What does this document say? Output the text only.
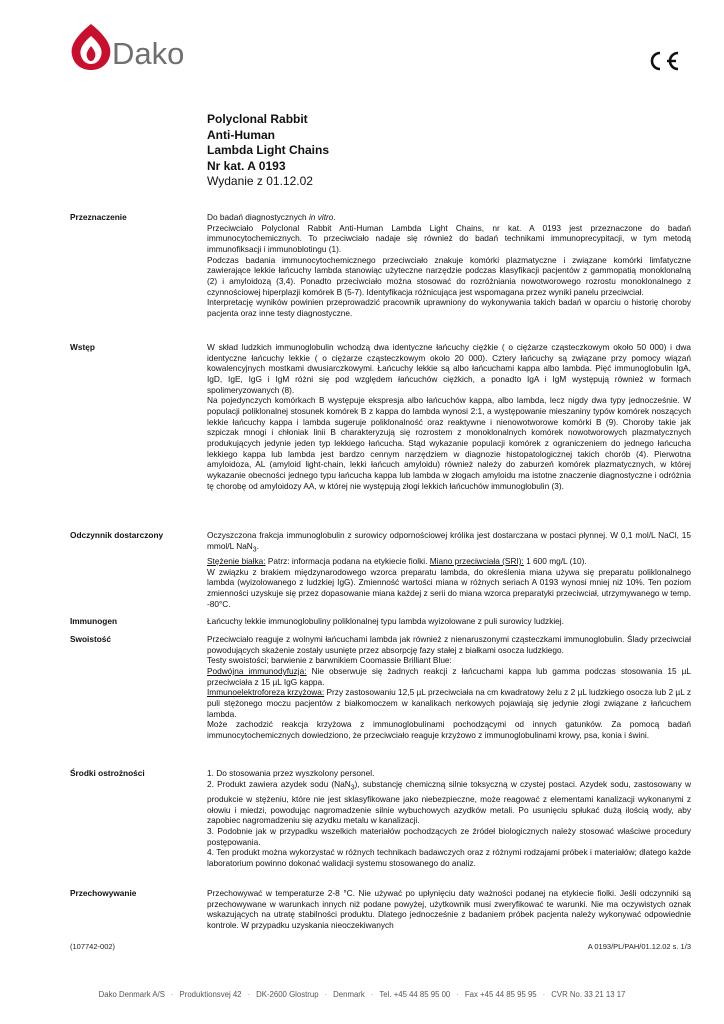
Dako
Polyclonal Rabbit
Anti-Human
Lambda Light Chains
Nr kat. A 0193
Wydanie z 01.12.02
Przeznaczenie	Do badań diagnostycznych in vitro.

Przeciwciało Polyclonal Rabbit Anti-Human Lambda Light Chains, nr kat. A 0193 jest przeznaczone do badań immunocytochemicznych. To przeciwciało nadaje się również do badań technikami immunoprecypitacji, w tym metodą immunofiksacji i immunoblotingu (1).

Podczas badania immunocytochemicznego przeciwciało znakuje komórki plazmatyczne i związane komórki limfatyczne zawierające lekkie łańcuchy lambda stanowiąc użyteczne narzędzie podczas klasyfikacji pacjentów z gammopatią monoklonalną (2) i amyloidozą (3,4). Ponadto przeciwciało można stosować do rozróżniania nowotworowego rozrostu monoklonalnego z czynnościowej hiperplazji komórek B (5-7). Identyfikacja różnicująca jest wspomagana przez wyniki panelu przeciwciał.

Interpretację wyników powinien przeprowadzić pracownik uprawniony do wykonywania takich badań w oparciu o historię choroby pacjenta oraz inne testy diagnostyczne.

Wstęp	W skład ludzkich immunoglobulin wchodzą dwa identyczne łańcuchy ciężkie ( o ciężarze cząsteczkowym około 50 000) i dwa identyczne łańcuchy lekkie ( o ciężarze cząsteczkowym około 20 000). Cztery łańcuchy są związane przy pomocy wiązań kowalencyjnych mostkami dwusiarczkowymi. Łańcuchy lekkie są albo łańcuchami kappa albo lambda. Pięć immunoglobulin IgA, IgD, IgE, IgG i IgM różni się pod względem łańcuchów ciężkich, a ponadto IgA i IgM występują również w formach spolimeryzowanych (8).

Na pojedynczych komórkach B występuje ekspresja albo łańcuchów kappa, albo lambda, lecz nigdy dwa typy jednocześnie. W populacji poliklonalnej stosunek komórek B z kappa do lambda wynosi 2:1, a występowanie mieszaniny typów komórek noszących lekkie łańcuchy kappa i lambda sugeruje poliklonalność oraz reaktywne i nienowotworowe komórki B (9). Choroby takie jak szpiczak mnogi i chłoniak linii B charakteryzują się rozrostem z monoklonalnych komórek nowotworowych plazmatycznych produkujących jedynie jeden typ lekkiego łańcucha. Stąd wykazanie populacji komórek z ograniczeniem do jednego łańcucha lekkiego kappa lub lambda jest bardzo cennym narzędziem w diagnozie histopatologicznej takich chorób (4). Pierwotna amyloidoza, AL (amyloid light-chain, lekki łańcuch amyloidu) również należy do zaburzeń komórek plazmatycznych, w której wykazanie obecności jednego typu łańcucha kappa lub lambda w złogach amyloidu ma istotne znaczenie diagnostyczne i odróżnia tę chorobę od amyloidozy AA, w której nie występują złogi lekkich łańcuchów immunoglobulin (3).

Odczynnik dostarczony	Oczyszczona frakcja immunoglobulin z surowicy odpornościowej królika jest dostarczana w postaci płynnej. W 0,1 mol/L NaCl, 15 mmol/L NaN$_3$.

Stężenie białka: Patrz: informacja podana na etykiecie fiolki. Miano przeciwciała (SRI): 1 600 mg/L (10).

W związku z brakiem międzynarodowego wzorca preparatu lambda, do określenia miana używa się preparatu poliklonalnego lambda (wyizolowanego z ludzkiej IgG). Zmienność wartości miana w różnych seriach A 0193 wynosi mniej niż 10%. Ten poziom zmienności uzyskuje się przez dopasowanie miana każdej z serii do miana wzorca preparatyki przeciwciał, utrzymywanego w temp. -80°C.

Immunogen	Łańcuchy lekkie immunoglobuliny poliklonalnej typu lambda wyizolowane z puli surowicy ludzkiej.

Swoistość	Przeciwciało reaguje z wolnymi łańcuchami lambda jak również z nienaruszonymi cząsteczkami immunoglobulin. Ślady przeciwciał powodujących skażenie zostały usunięte przez absorpcję fazy stałej z białkami osocza ludzkiego.

Testy swoistości; barwienie z barwnikiem Coomassie Brilliant Blue:

Podwójna immunodyfuzja: Nie obserwuje się żadnych reakcji z łańcuchami kappa lub gamma podczas stosowania 15 µL przeciwciała z 15 µL IgG kappa.

Immunoelektroforeza krzyżowa: Przy zastosowaniu 12,5 µL przeciwciała na cm kwadratowy żelu z 2 µL ludzkiego osocza lub 2 µL z puli stężonego moczu pacjentów z białkomoczem w kanalikach nerkowych pojawiają się jedynie złogi związane z łańcuchem lambda.

Może zachodzić reakcja krzyżowa z immunoglobulinami pochodzącymi od innych gatunków. Za pomocą badań immunocytochemicznych dowiedziono, że przeciwciało reaguje krzyżowo z immunoglobulinami krowy, psa, konia i świni.

Środki ostrożności	1. Do stosowania przez wyszkolony personel.

2. Produkt zawiera azydek sodu (NaN$_3$), substancję chemiczną silnie toksyczną w czystej postaci. Azydek sodu, zastosowany w produkcie w stężeniu, które nie jest sklasyfikowane jako niebezpieczne, może reagować z elementami kanalizacji wykonanymi z ołowiu i miedzi, powodując nagromadzenie silnie wybuchowych azydków metali. Po usunięciu spłukać dużą ilością wody, aby zapobiec nagromadzeniu się azydku metalu w kanalizacji.

3. Podobnie jak w przypadku wszelkich materiałów pochodzących ze źródeł biologicznych należy stosować właściwe procedury postępowania.

4. Ten produkt można wykorzystać w różnych technikach badawczych oraz z różnymi rodzajami próbek i materiałów; dlatego każde laboratorium powinno dokonać walidacji systemu stosowanego do analiz.

Przechowywanie	Przechowywać w temperaturze 2-8 °C. Nie używać po upłynięciu daty ważności podanej na etykiecie fiolki. Jeśli odczynniki są przechowywane w warunkach innych niż podane powyżej, użytkownik musi zweryfikować te warunki. Nie ma oczywistych oznak wskazujących na utratę stabilności produktu. Dlatego jednocześnie z badaniem próbek pacjenta należy wykonywać odpowiednie kontrole. W przypadku uzyskania nieoczekiwanych

(107742-002)	A 0193/PL/PAH/01.12.02 s. 1/3
Dako Denmark A/S · Produktionsvej 42 · DK-2600 Glostrup · Denmark · Tel. +45 44 85 95 00 · Fax +45 44 85 95 95 · CVR No. 33 21 13 17
